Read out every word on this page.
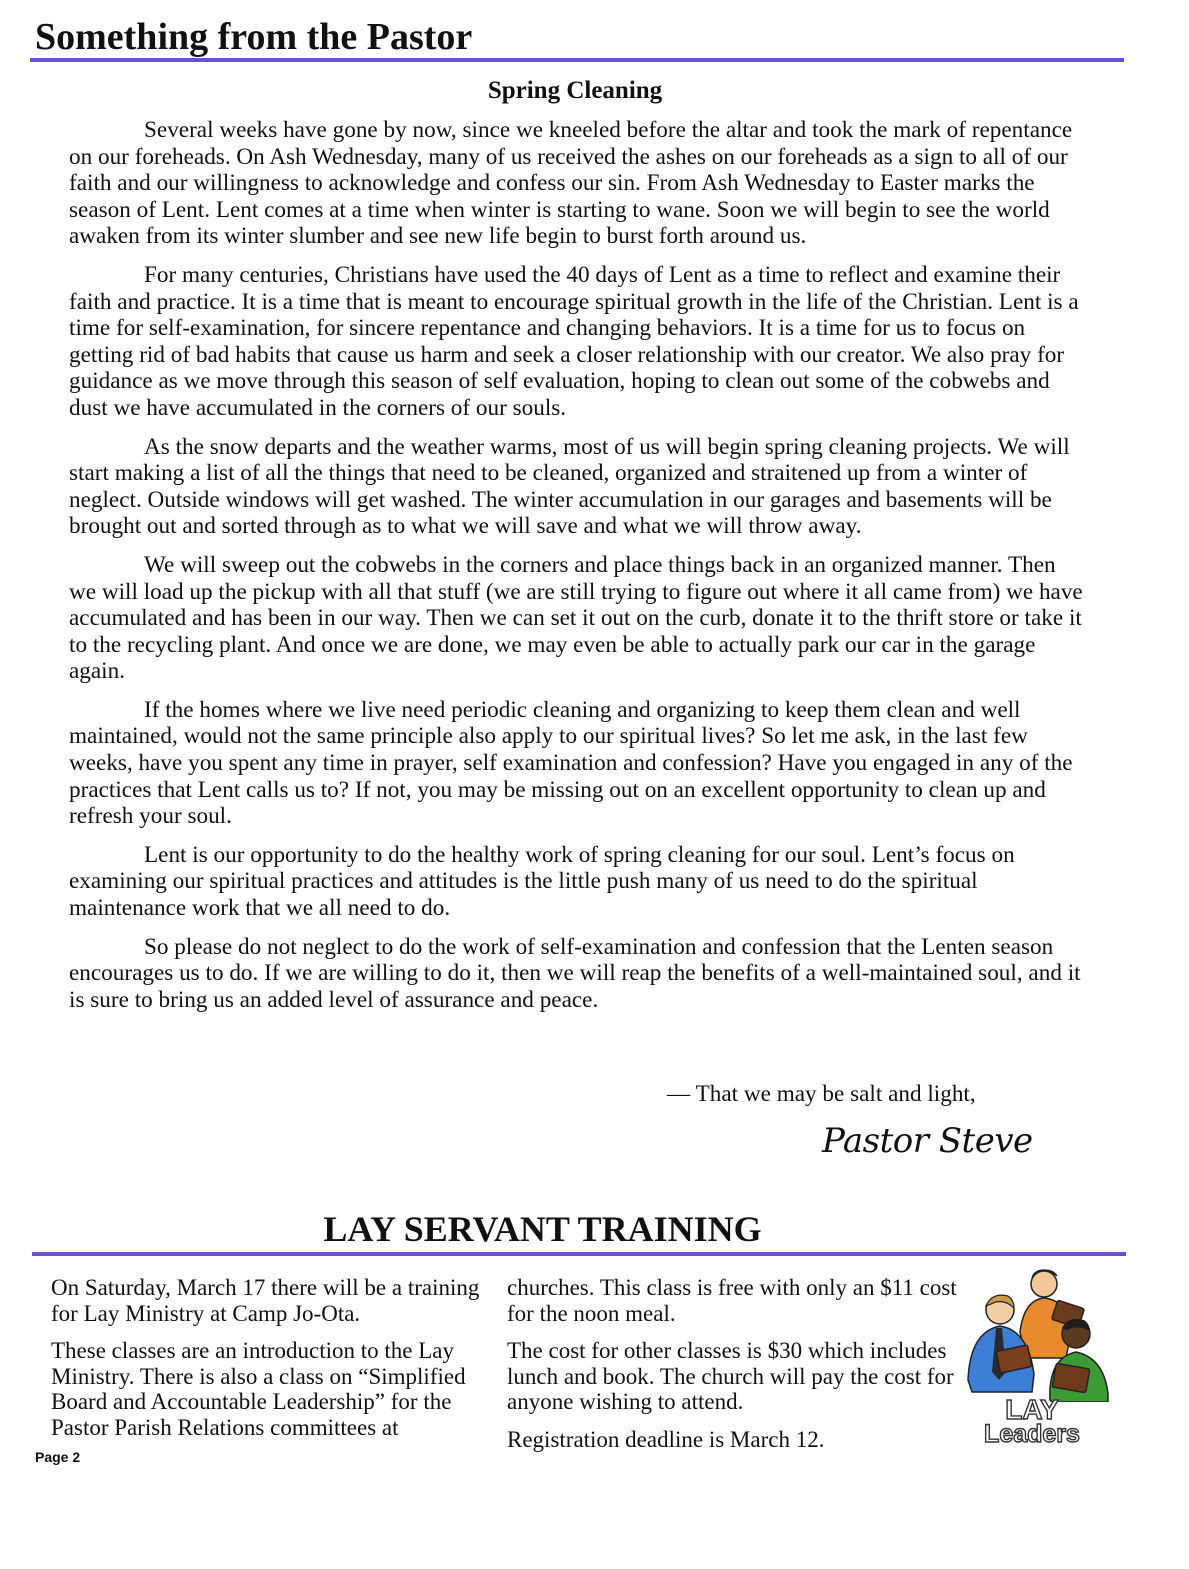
Something from the Pastor
Spring Cleaning

Several weeks have gone by now, since we kneeled before the altar and took the mark of repentance on our foreheads. On Ash Wednesday, many of us received the ashes on our foreheads as a sign to all of our faith and our willingness to acknowledge and confess our sin. From Ash Wednesday to Easter marks the season of Lent. Lent comes at a time when winter is starting to wane. Soon we will begin to see the world awaken from its winter slumber and see new life begin to burst forth around us.

For many centuries, Christians have used the 40 days of Lent as a time to reflect and examine their faith and practice. It is a time that is meant to encourage spiritual growth in the life of the Christian. Lent is a time for self-examination, for sincere repentance and changing behaviors. It is a time for us to focus on getting rid of bad habits that cause us harm and seek a closer relationship with our creator. We also pray for guidance as we move through this season of self evaluation, hoping to clean out some of the cobwebs and dust we have accumulated in the corners of our souls.

As the snow departs and the weather warms, most of us will begin spring cleaning projects. We will start making a list of all the things that need to be cleaned, organized and straitened up from a winter of neglect. Outside windows will get washed. The winter accumulation in our garages and basements will be brought out and sorted through as to what we will save and what we will throw away.

We will sweep out the cobwebs in the corners and place things back in an organized manner. Then we will load up the pickup with all that stuff (we are still trying to figure out where it all came from) we have accumulated and has been in our way. Then we can set it out on the curb, donate it to the thrift store or take it to the recycling plant. And once we are done, we may even be able to actually park our car in the garage again.

If the homes where we live need periodic cleaning and organizing to keep them clean and well maintained, would not the same principle also apply to our spiritual lives? So let me ask, in the last few weeks, have you spent any time in prayer, self examination and confession? Have you engaged in any of the practices that Lent calls us to? If not, you may be missing out on an excellent opportunity to clean up and refresh your soul.

Lent is our opportunity to do the healthy work of spring cleaning for our soul. Lent’s focus on examining our spiritual practices and attitudes is the little push many of us need to do the spiritual maintenance work that we all need to do.

So please do not neglect to do the work of self-examination and confession that the Lenten season encourages us to do. If we are willing to do it, then we will reap the benefits of a well-maintained soul, and it is sure to bring us an added level of assurance and peace.

— That we may be salt and light,
Pastor Steve
LAY SERVANT TRAINING

On Saturday, March 17 there will be a training for Lay Ministry at Camp Jo-Ota.

These classes are an introduction to the Lay Ministry. There is also a class on “Simplified Board and Accountable Leadership” for the Pastor Parish Relations committees at

churches. This class is free with only an $11 cost for the noon meal.

The cost for other classes is $30 which includes lunch and book. The church will pay the cost for anyone wishing to attend.

Registration deadline is March 12.

LAY
Leaders
Page 2
